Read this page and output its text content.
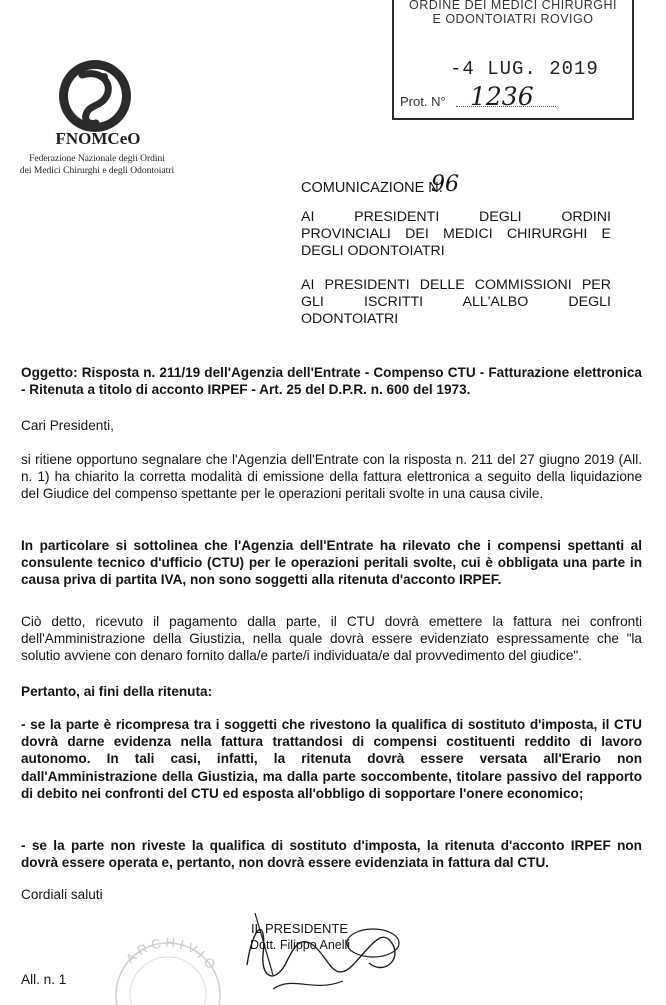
ORDINE DEI MEDICI CHIRURGHI
E ODONTOIATRI ROVIGO
-4 LUG. 2019
Prot. N° 1236
FNOMCeO
Federazione Nazionale degli Ordini
dei Medici Chirurghi e degli Odontoiatri
COMUNICAZIONE N.
96
AI PRESIDENTI DEGLI ORDINI
PROVINCIALI DEI MEDICI CHIRURGHI E
DEGLI ODONTOIATRI
AI PRESIDENTI DELLE COMMISSIONI PER
GLI ISCRITTI ALL'ALBO DEGLI
ODONTOIATRI
Oggetto: Risposta n. 211/19 dell'Agenzia dell'Entrate - Compenso CTU - Fatturazione elettronica - Ritenuta a titolo di acconto IRPEF - Art. 25 del D.P.R. n. 600 del 1973.
Cari Presidenti,
si ritiene opportuno segnalare che l'Agenzia dell'Entrate con la risposta n. 211 del 27 giugno 2019 (All. n. 1) ha chiarito la corretta modalità di emissione della fattura elettronica a seguito della liquidazione del Giudice del compenso spettante per le operazioni peritali svolte in una causa civile.
In particolare si sottolinea che l'Agenzia dell'Entrate ha rilevato che i compensi spettanti al consulente tecnico d'ufficio (CTU) per le operazioni peritali svolte, cui è obbligata una parte in causa priva di partita IVA, non sono soggetti alla ritenuta d'acconto IRPEF.
Ciò detto, ricevuto il pagamento dalla parte, il CTU dovrà emettere la fattura nei confronti dell'Amministrazione della Giustizia, nella quale dovrà essere evidenziato espressamente che "la solutio avviene con denaro fornito dalla/e parte/i individuata/e dal provvedimento del giudice".
Pertanto, ai fini della ritenuta:
- se la parte è ricompresa tra i soggetti che rivestono la qualifica di sostituto d'imposta, il CTU dovrà darne evidenza nella fattura trattandosi di compensi costituenti reddito di lavoro autonomo. In tali casi, infatti, la ritenuta dovrà essere versata all'Erario non dall'Amministrazione della Giustizia, ma dalla parte soccombente, titolare passivo del rapporto di debito nei confronti del CTU ed esposta all'obbligo di sopportare l'onere economico;
- se la parte non riveste la qualifica di sostituto d'imposta, la ritenuta d'acconto IRPEF non dovrà essere operata e, pertanto, non dovrà essere evidenziata in fattura dal CTU.
Cordiali saluti
ARCHIVIO
IL PRESIDENTE
Dott. Filippo Anelli
All. n. 1
